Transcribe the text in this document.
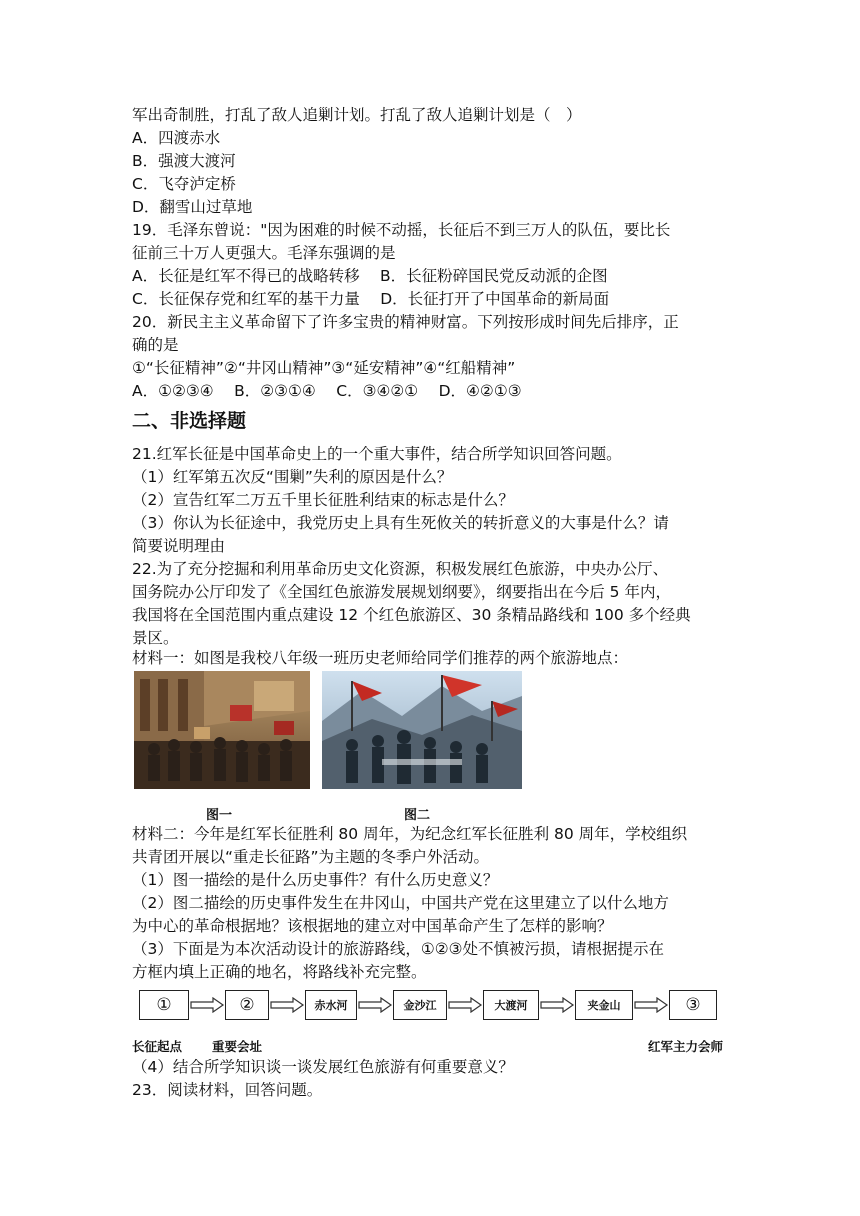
军出奇制胜，打乱了敌人追剿计划。打乱了敌人追剿计划是（　）
A．四渡赤水
B．强渡大渡河
C．飞夺泸定桥
D．翻雪山过草地
19．毛泽东曾说："因为困难的时候不动摇，长征后不到三万人的队伍，要比长
征前三十万人更强大。毛泽东强调的是
A．长征是红军不得已的战略转移　 B．长征粉碎国民党反动派的企图
C．长征保存党和红军的基干力量　 D．长征打开了中国革命的新局面
20．新民主主义革命留下了许多宝贵的精神财富。下列按形成时间先后排序，正
确的是
①“长征精神”②“井冈山精神”③“延安精神”④“红船精神”
A．①②③④　 B．②③①④　 C．③④②①　 D．④②①③
二、非选择题
21.红军长征是中国革命史上的一个重大事件，结合所学知识回答问题。
（1）红军第五次反“围剿”失利的原因是什么？
（2）宣告红军二万五千里长征胜利结束的标志是什么？
（3）你认为长征途中，我党历史上具有生死攸关的转折意义的大事是什么？请
简要说明理由
22.为了充分挖掘和利用革命历史文化资源，积极发展红色旅游，中央办公厅、
国务院办公厅印发了《全国红色旅游发展规划纲要》，纲要指出在今后 5 年内，
我国将在全国范围内重点建设 12 个红色旅游区、30 条精品路线和 100 多个经典
景区。
材料一：如图是我校八年级一班历史老师给同学们推荐的两个旅游地点：
图一	图二
材料二：今年是红军长征胜利 80 周年，为纪念红军长征胜利 80 周年，学校组织
共青团开展以“重走长征路”为主题的冬季户外活动。
（1）图一描绘的是什么历史事件？有什么历史意义？
（2）图二描绘的历史事件发生在井冈山，中国共产党在这里建立了以什么地方
为中心的革命根据地？该根据地的建立对中国革命产生了怎样的影响？
（3）下面是为本次活动设计的旅游路线，①②③处不慎被污损，请根据提示在
方框内填上正确的地名，将路线补充完整。
①	②	赤水河	金沙江	大渡河	夹金山	③
长征起点 重要会址	红军主力会师
（4）结合所学知识谈一谈发展红色旅游有何重要意义？
23．阅读材料，回答问题。
